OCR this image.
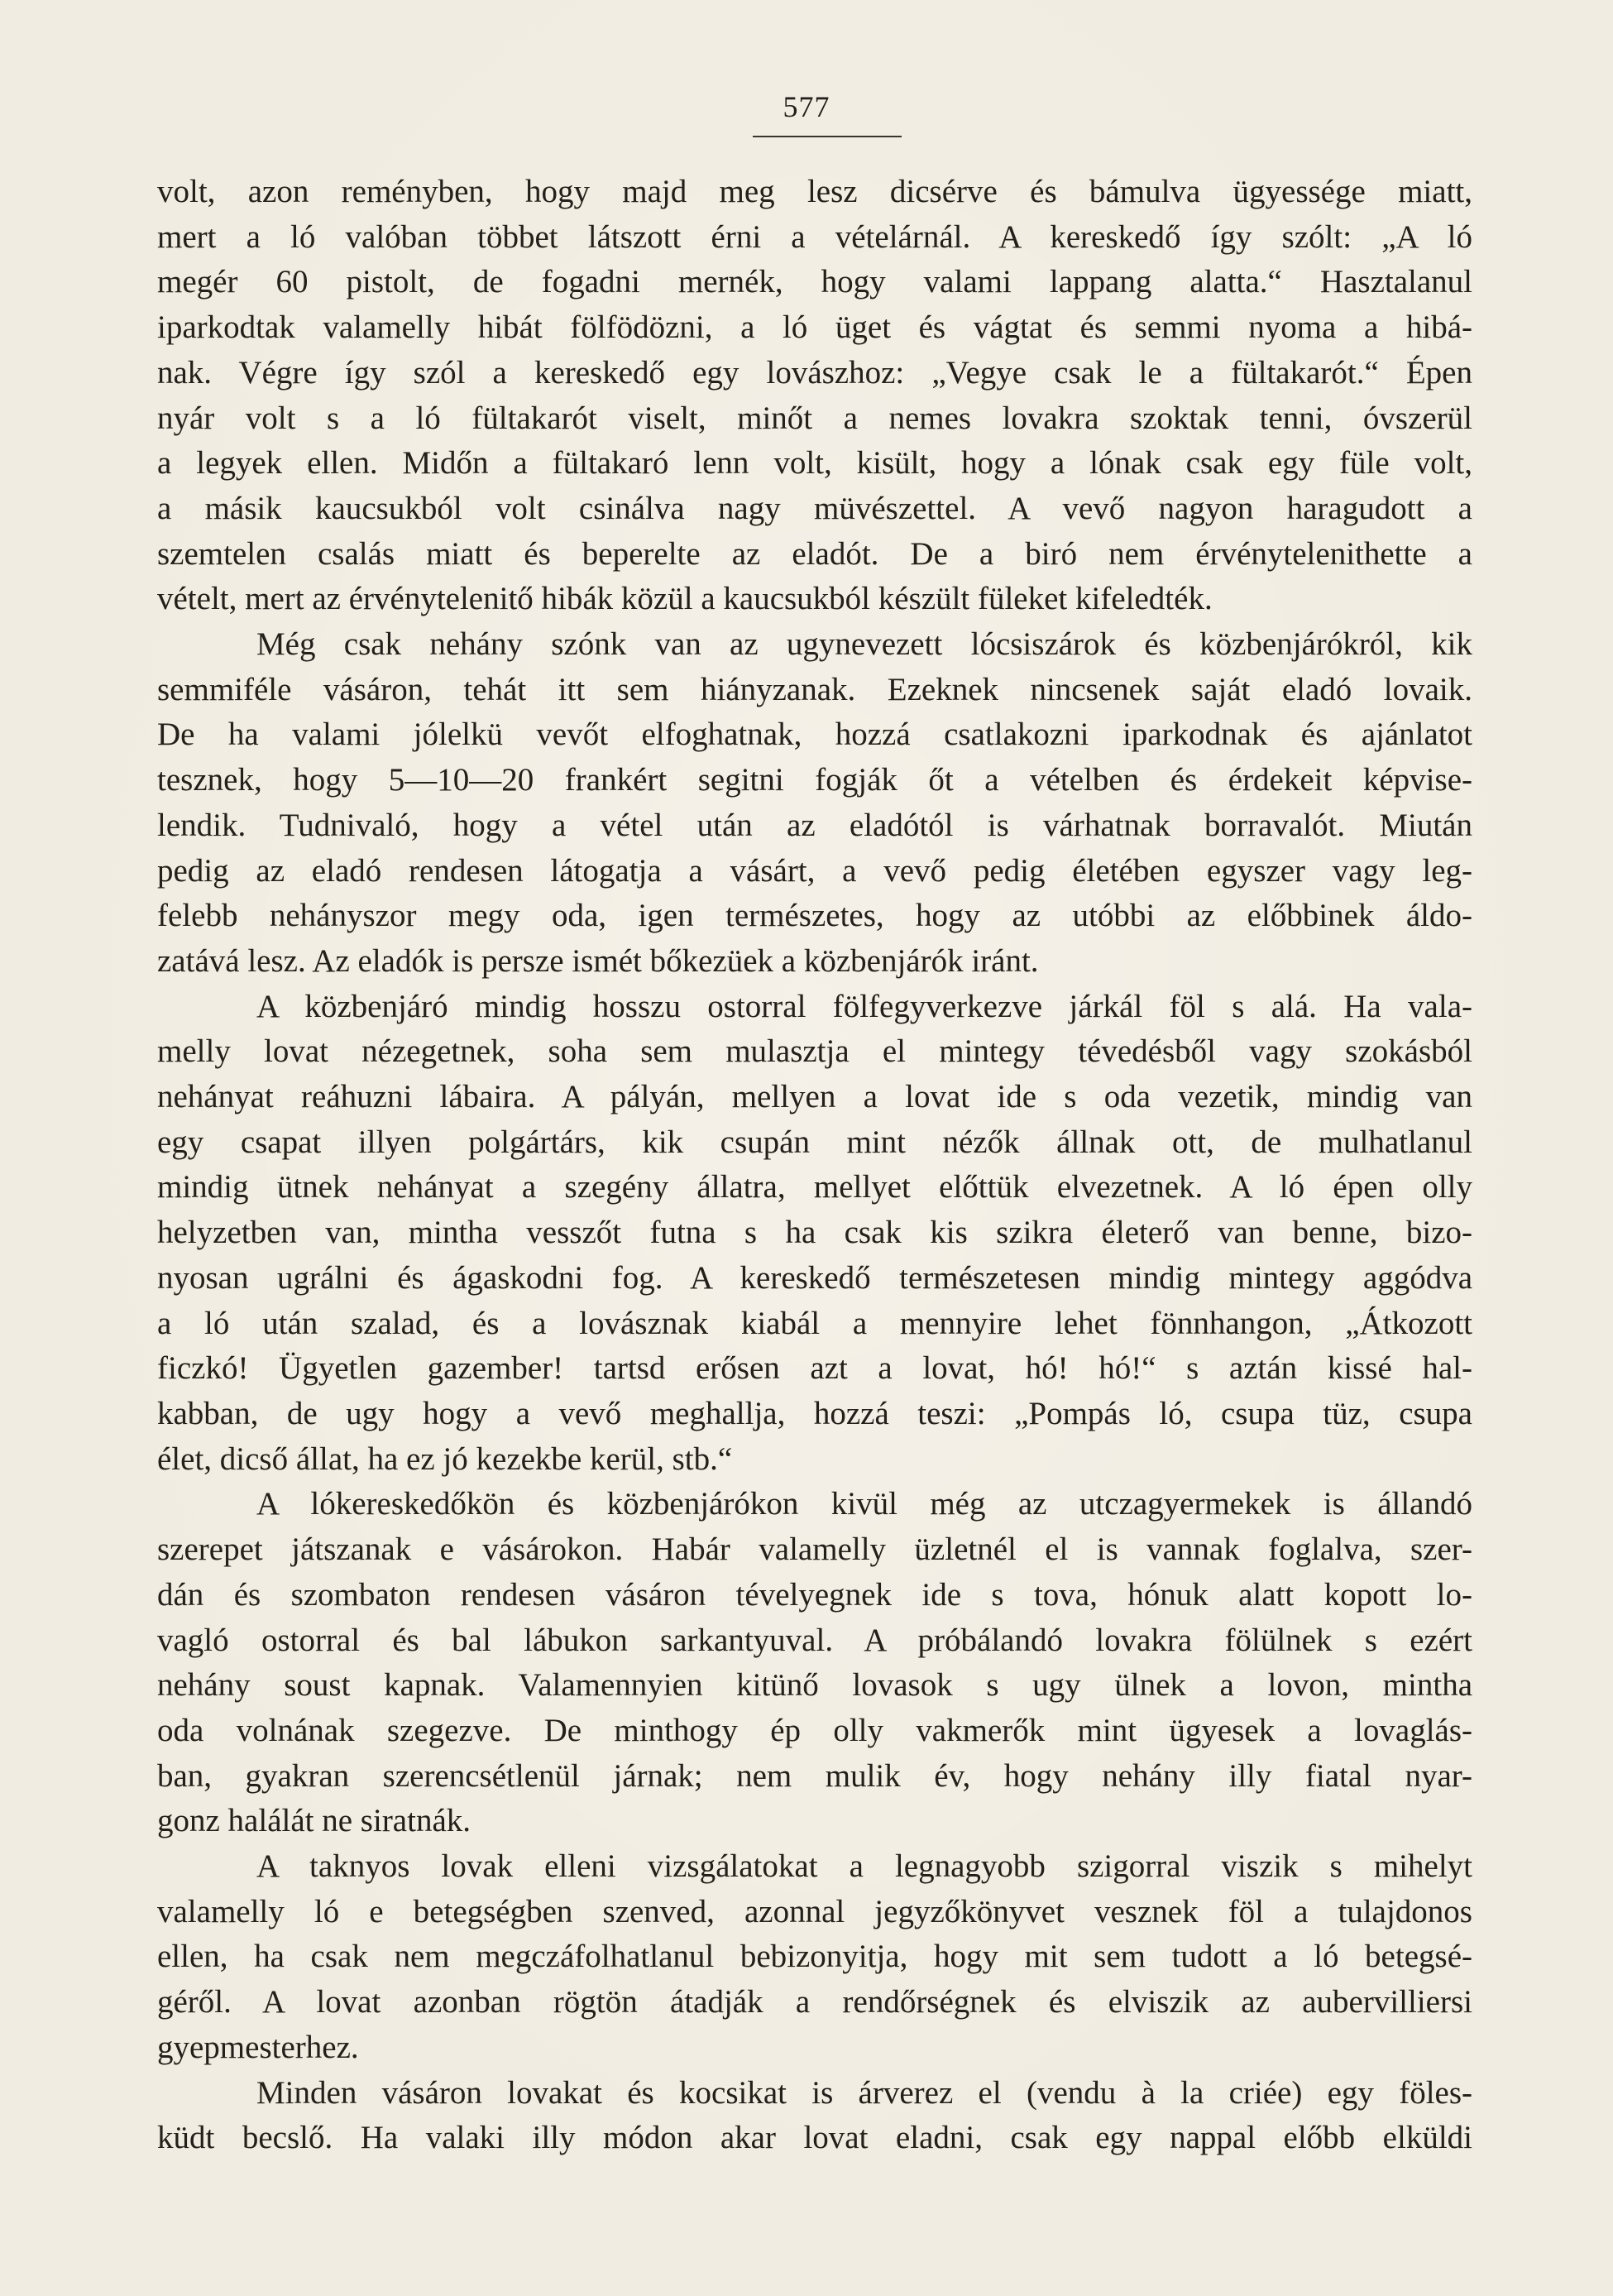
577

volt, azon reményben, hogy majd meg lesz dicsérve és bámulva ügyessége miatt,

mert a ló valóban többet látszott érni a vételárnál. A kereskedő így szólt: „A ló

megér 60 pistolt, de fogadni mernék, hogy valami lappang alatta.“ Hasztalanul

iparkodtak valamelly hibát fölfödözni, a ló üget és vágtat és semmi nyoma a hibá-

nak. Végre így szól a kereskedő egy lovászhoz: „Vegye csak le a fültakarót.“ Épen

nyár volt s a ló fültakarót viselt, minőt a nemes lovakra szoktak tenni, óvszerül

a legyek ellen. Midőn a fültakaró lenn volt, kisült, hogy a lónak csak egy füle volt,

a másik kaucsukból volt csinálva nagy müvészettel. A vevő nagyon haragudott a

szemtelen csalás miatt és beperelte az eladót. De a biró nem érvénytelenithette a

vételt, mert az érvénytelenitő hibák közül a kaucsukból készült füleket kifeledték.

Még csak nehány szónk van az ugynevezett lócsiszárok és közbenjárókról, kik

semmiféle vásáron, tehát itt sem hiányzanak. Ezeknek nincsenek saját eladó lovaik.

De ha valami jólelkü vevőt elfoghatnak, hozzá csatlakozni iparkodnak és ajánlatot

tesznek, hogy 5—10—20 frankért segitni fogják őt a vételben és érdekeit képvise-

lendik. Tudnivaló, hogy a vétel után az eladótól is várhatnak borravalót. Miután

pedig az eladó rendesen látogatja a vásárt, a vevő pedig életében egyszer vagy leg-

felebb nehányszor megy oda, igen természetes, hogy az utóbbi az előbbinek áldo-

zatává lesz. Az eladók is persze ismét bőkezüek a közbenjárók iránt.

A közbenjáró mindig hosszu ostorral fölfegyverkezve járkál föl s alá. Ha vala-

melly lovat nézegetnek, soha sem mulasztja el mintegy tévedésből vagy szokásból

nehányat reáhuzni lábaira. A pályán, mellyen a lovat ide s oda vezetik, mindig van

egy csapat illyen polgártárs, kik csupán mint nézők állnak ott, de mulhatlanul

mindig ütnek nehányat a szegény állatra, mellyet előttük elvezetnek. A ló épen olly

helyzetben van, mintha vesszőt futna s ha csak kis szikra életerő van benne, bizo-

nyosan ugrálni és ágaskodni fog. A kereskedő természetesen mindig mintegy aggódva

a ló után szalad, és a lovásznak kiabál a mennyire lehet fönnhangon, „Átkozott

ficzkó! Ügyetlen gazember! tartsd erősen azt a lovat, hó! hó!“ s aztán kissé hal-

kabban, de ugy hogy a vevő meghallja, hozzá teszi: „Pompás ló, csupa tüz, csupa

élet, dicső állat, ha ez jó kezekbe kerül, stb.“

A lókereskedőkön és közbenjárókon kivül még az utczagyermekek is állandó

szerepet játszanak e vásárokon. Habár valamelly üzletnél el is vannak foglalva, szer-

dán és szombaton rendesen vásáron tévelyegnek ide s tova, hónuk alatt kopott lo-

vagló ostorral és bal lábukon sarkantyuval. A próbálandó lovakra fölülnek s ezért

nehány soust kapnak. Valamennyien kitünő lovasok s ugy ülnek a lovon, mintha

oda volnának szegezve. De minthogy ép olly vakmerők mint ügyesek a lovaglás-

ban, gyakran szerencsétlenül járnak; nem mulik év, hogy nehány illy fiatal nyar-

gonz halálát ne siratnák.

A taknyos lovak elleni vizsgálatokat a legnagyobb szigorral viszik s mihelyt

valamelly ló e betegségben szenved, azonnal jegyzőkönyvet vesznek föl a tulajdonos

ellen, ha csak nem megczáfolhatlanul bebizonyitja, hogy mit sem tudott a ló betegsé-

géről. A lovat azonban rögtön átadják a rendőrségnek és elviszik az aubervilliersi

gyepmesterhez.

Minden vásáron lovakat és kocsikat is árverez el (vendu à la criée) egy föles-

küdt becslő. Ha valaki illy módon akar lovat eladni, csak egy nappal előbb elküldi
